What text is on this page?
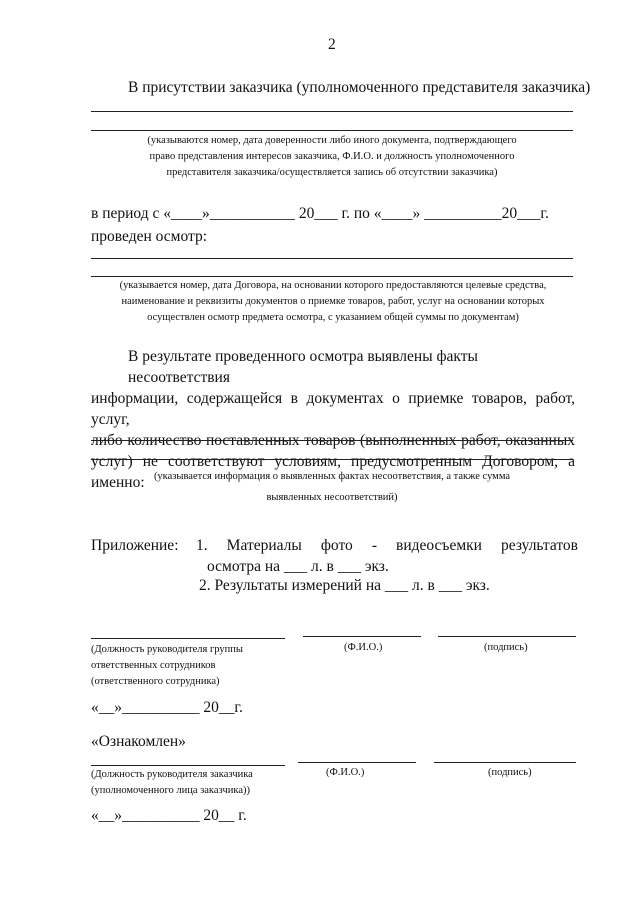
2
В присутствии заказчика (уполномоченного представителя заказчика)
(указываются номер, дата доверенности либо иного документа, подтверждающего
право представления интересов заказчика, Ф.И.О. и должность уполномоченного
представителя заказчика/осуществляется запись об отсутствии заказчика)
в период с «____»___________ 20___ г. по «____» __________20___г.
проведен осмотр:
(указывается номер, дата Договора, на основании которого предоставляются целевые средства,
наименование и реквизиты документов о приемке товаров, работ, услуг на основании которых
осуществлен осмотр предмета осмотра, с указанием общей суммы по документам)
В результате проведенного осмотра выявлены факты несоответствия
информации, содержащейся в документах о приемке товаров, работ, услуг,
либо количество поставленных товаров (выполненных работ, оказанных
услуг) не соответствуют условиям, предусмотренным Договором, а именно: (указывается информация о выявленных фактах несоответствия, а также сумма
выявленных несоответствий)
Приложение: 1. Материалы фото - видеосъемки результатов
осмотра на ___ л. в ___ экз.
2. Результаты измерений на ___ л. в ___ экз.
(Должность руководителя группы
ответственных сотрудников
(ответственного сотрудника)
(Ф.И.О.)	(подпись)
«__»__________ 20__г.
«Ознакомлен»
(Должность руководителя заказчика
(уполномоченного лица заказчика))
(Ф.И.О.)	(подпись)
«__»__________ 20__ г.
